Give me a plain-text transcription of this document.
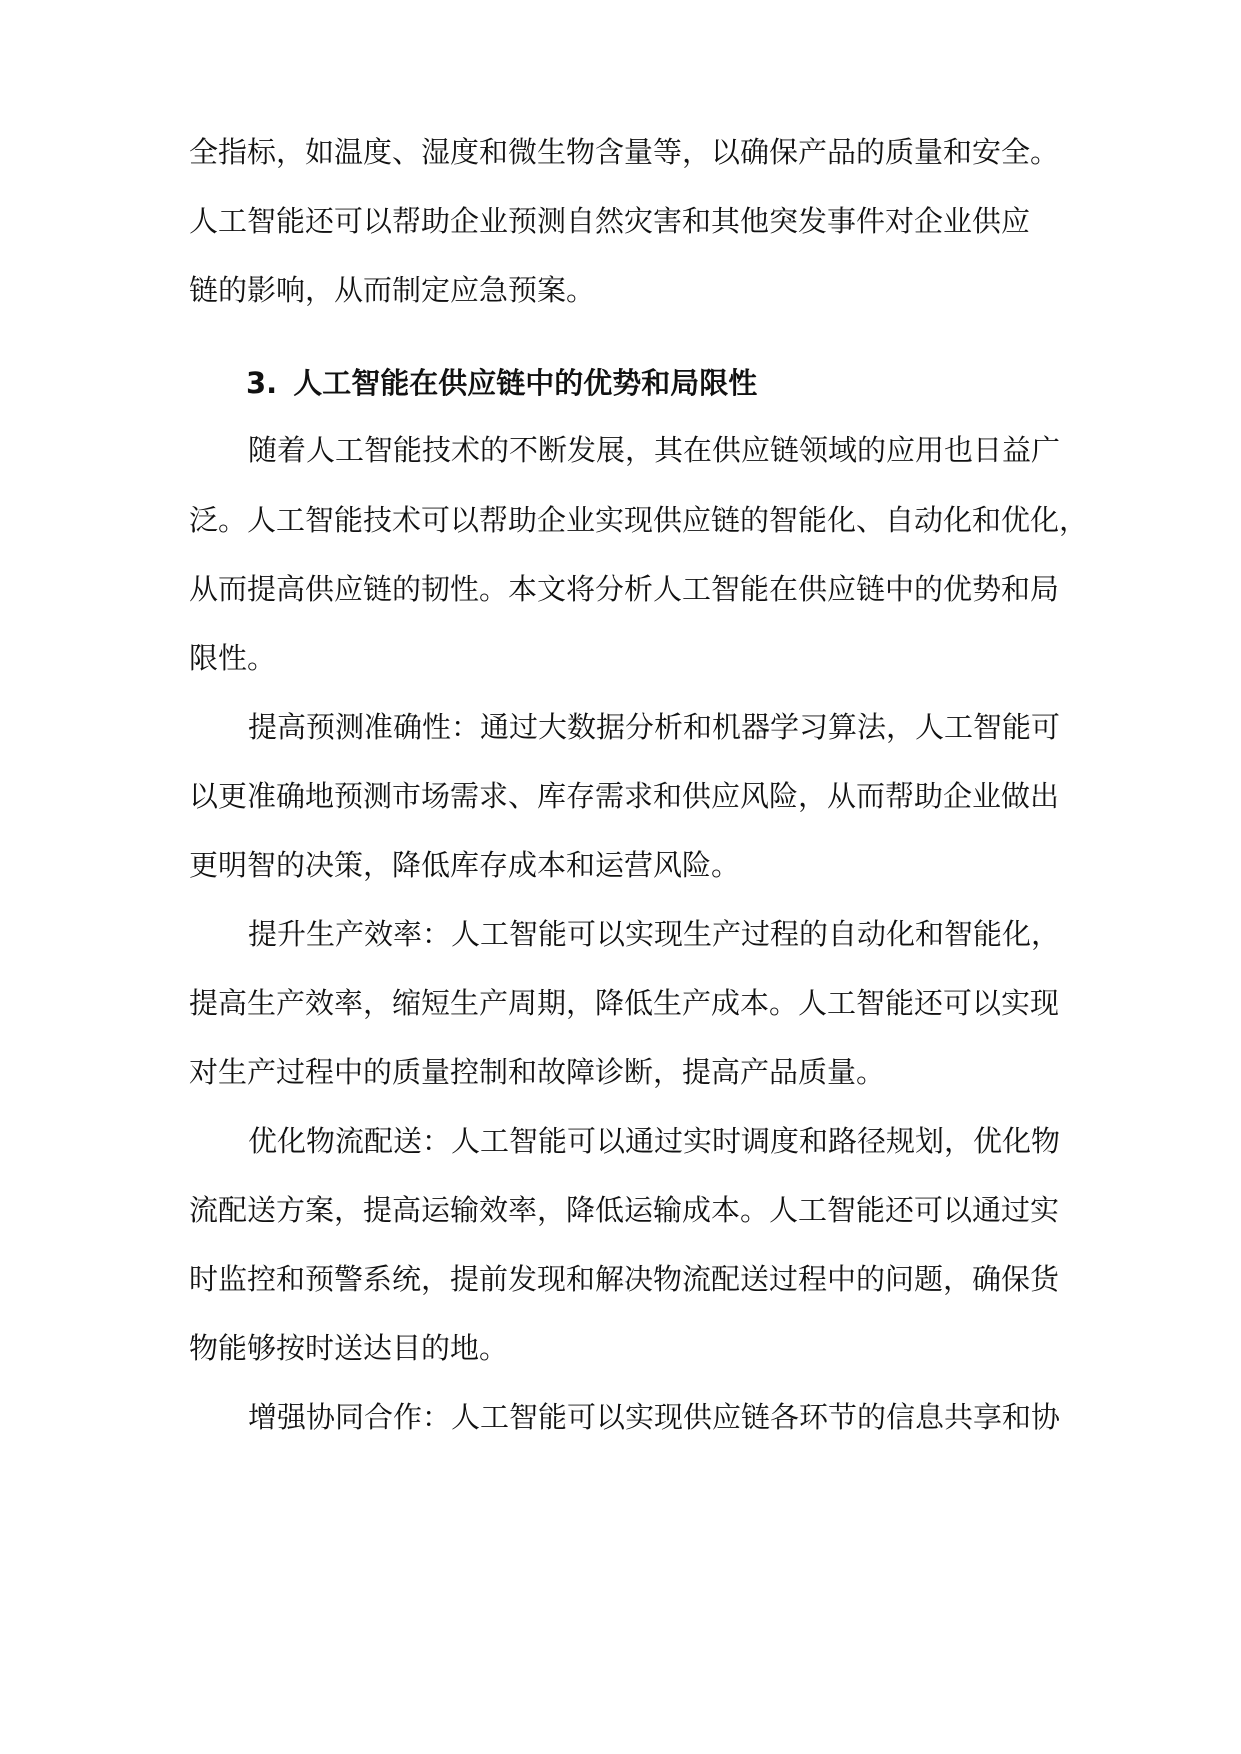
全指标，如温度、湿度和微生物含量等，以确保产品的质量和安全。
人工智能还可以帮助企业预测自然灾害和其他突发事件对企业供应
链的影响，从而制定应急预案。
3. 人工智能在供应链中的优势和局限性
随着人工智能技术的不断发展，其在供应链领域的应用也日益广
泛。人工智能技术可以帮助企业实现供应链的智能化、自动化和优化，
从而提高供应链的韧性。本文将分析人工智能在供应链中的优势和局
限性。
提高预测准确性：通过大数据分析和机器学习算法，人工智能可
以更准确地预测市场需求、库存需求和供应风险，从而帮助企业做出
更明智的决策，降低库存成本和运营风险。
提升生产效率：人工智能可以实现生产过程的自动化和智能化，
提高生产效率，缩短生产周期，降低生产成本。人工智能还可以实现
对生产过程中的质量控制和故障诊断，提高产品质量。
优化物流配送：人工智能可以通过实时调度和路径规划，优化物
流配送方案，提高运输效率，降低运输成本。人工智能还可以通过实
时监控和预警系统，提前发现和解决物流配送过程中的问题，确保货
物能够按时送达目的地。
增强协同合作：人工智能可以实现供应链各环节的信息共享和协
